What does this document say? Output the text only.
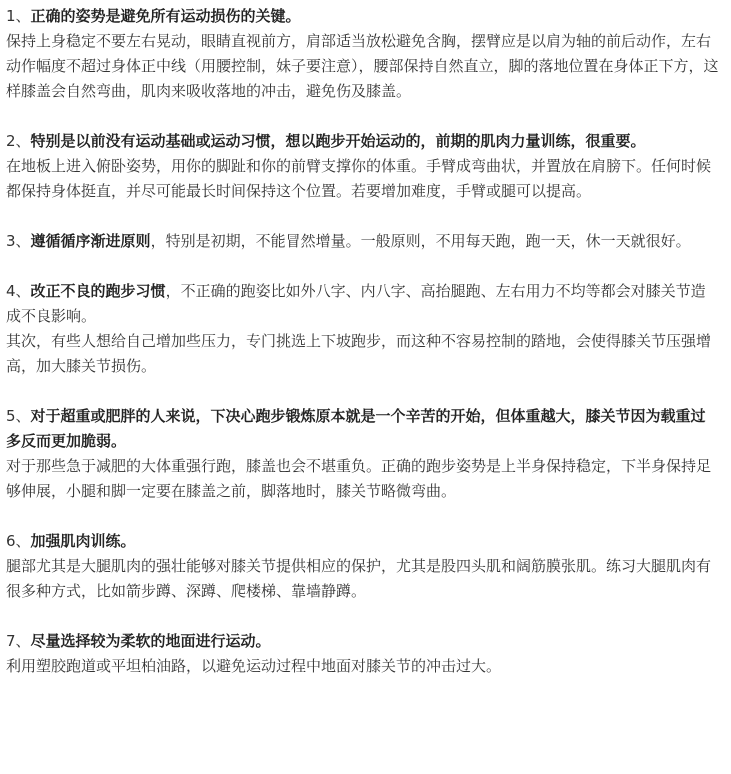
1、正确的姿势是避免所有运动损伤的关键。

保持上身稳定不要左右晃动，眼睛直视前方，肩部适当放松避免含胸，摆臂应是以肩为轴的前后动作，左右动作幅度不超过身体正中线（用腰控制，妹子要注意），腰部保持自然直立，脚的落地位置在身体正下方，这样膝盖会自然弯曲，肌肉来吸收落地的冲击，避免伤及膝盖。

2、特别是以前没有运动基础或运动习惯，想以跑步开始运动的，前期的肌肉力量训练，很重要。

在地板上进入俯卧姿势，用你的脚趾和你的前臂支撑你的体重。手臂成弯曲状，并置放在肩膀下。任何时候都保持身体挺直，并尽可能最长时间保持这个位置。若要增加难度，手臂或腿可以提高。

3、遵循循序渐进原则，特别是初期，不能冒然增量。一般原则，不用每天跑，跑一天，休一天就很好。

4、改正不良的跑步习惯，不正确的跑姿比如外八字、内八字、高抬腿跑、左右用力不均等都会对膝关节造成不良影响。

其次，有些人想给自己增加些压力，专门挑选上下坡跑步，而这种不容易控制的踏地，会使得膝关节压强增高，加大膝关节损伤。

5、对于超重或肥胖的人来说，下决心跑步锻炼原本就是一个辛苦的开始，但体重越大，膝关节因为载重过多反而更加脆弱。

对于那些急于减肥的大体重强行跑，膝盖也会不堪重负。正确的跑步姿势是上半身保持稳定，下半身保持足够伸展，小腿和脚一定要在膝盖之前，脚落地时，膝关节略微弯曲。

6、加强肌肉训练。

腿部尤其是大腿肌肉的强壮能够对膝关节提供相应的保护，尤其是股四头肌和阔筋膜张肌。练习大腿肌肉有很多种方式，比如箭步蹲、深蹲、爬楼梯、靠墙静蹲。

7、尽量选择较为柔软的地面进行运动。

利用塑胶跑道或平坦柏油路，以避免运动过程中地面对膝关节的冲击过大。
